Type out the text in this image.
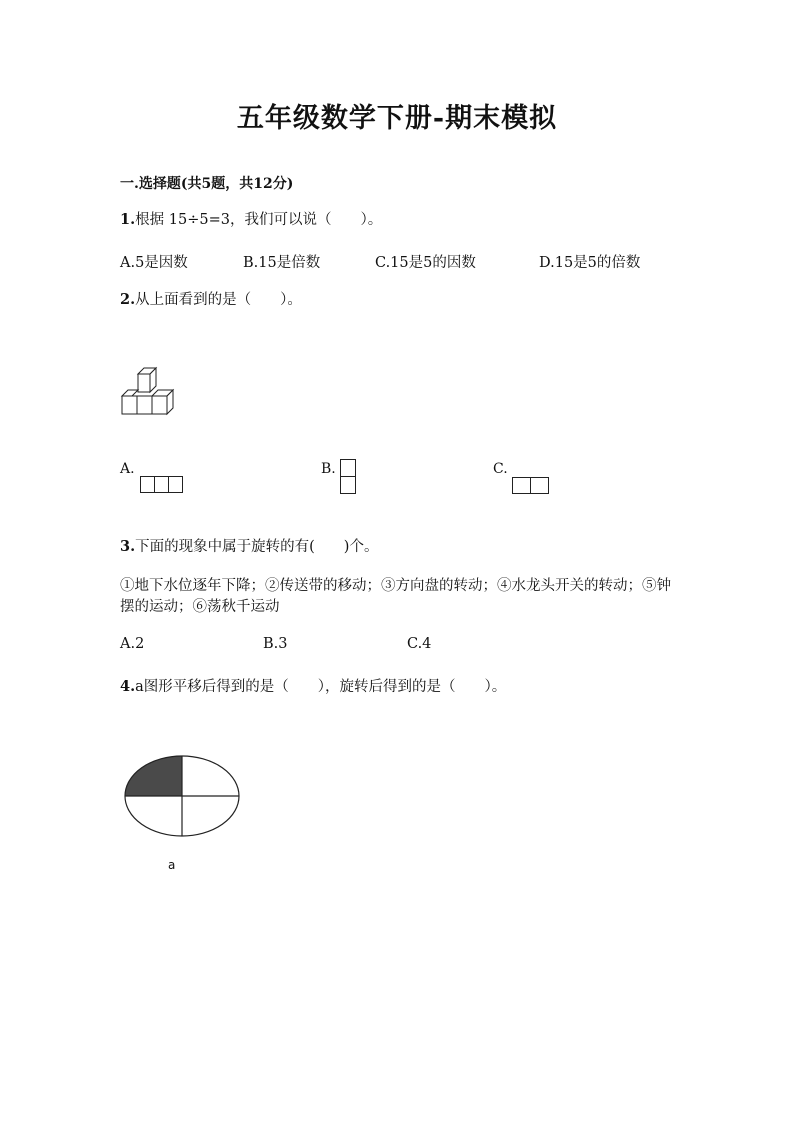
五年级数学下册-期末模拟
一.选择题(共5题，共12分)
1.根据 15÷5=3，我们可以说（　　）。
A.5是因数	B.15是倍数	C.15是5的因数	D.15是5的倍数
2.从上面看到的是（　　）。
A.	B.	C.
3.下面的现象中属于旋转的有(　　)个。
①地下水位逐年下降；②传送带的移动；③方向盘的转动；④水龙头开关的转动；⑤钟摆的运动；⑥荡秋千运动
A.2	B.3	C.4
4.a图形平移后得到的是（　　），旋转后得到的是（　　）。
a
